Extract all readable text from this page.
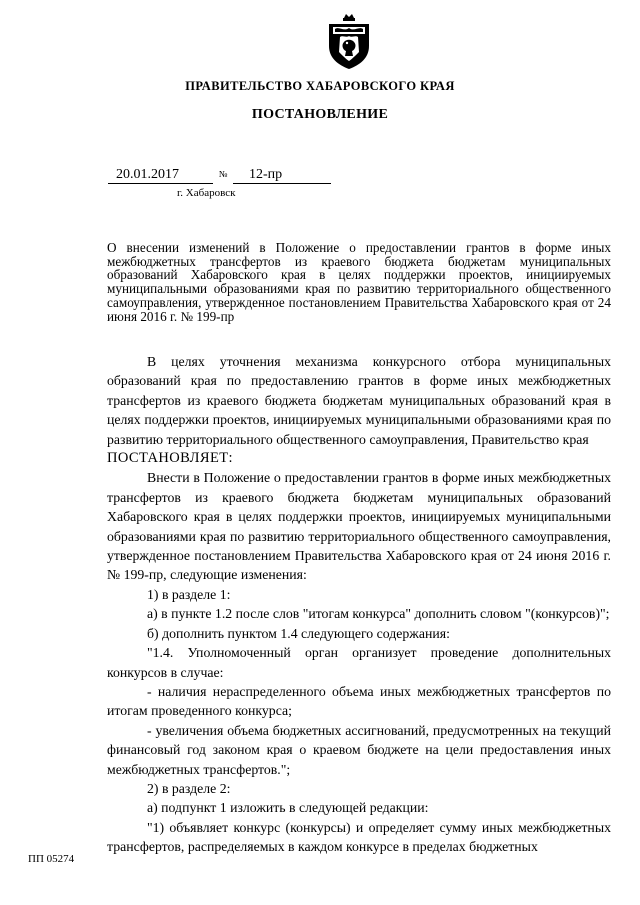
ПРАВИТЕЛЬСТВО ХАБАРОВСКОГО КРАЯ
ПОСТАНОВЛЕНИЕ
20.01.2017	№ 12-пр
г. Хабаровск
О внесении изменений в Положение о предоставлении грантов в форме иных межбюджетных трансфертов из краевого бюджета бюджетам муниципальных образований Хабаровского края в целях поддержки проектов, инициируемых муниципальными образованиями края по развитию территориального общественного самоуправления, утвержденное постановлением Правительства Хабаровского края от 24 июня 2016 г. № 199-пр

В целях уточнения механизма конкурсного отбора муниципальных образований края по предоставлению грантов в форме иных межбюджетных трансфертов из краевого бюджета бюджетам муниципальных образований края в целях поддержки проектов, инициируемых муниципальными образованиями края по развитию территориального общественного самоуправления, Правительство края

ПОСТАНОВЛЯЕТ:

Внести в Положение о предоставлении грантов в форме иных межбюджетных трансфертов из краевого бюджета бюджетам муниципальных образований Хабаровского края в целях поддержки проектов, инициируемых муниципальными образованиями края по развитию территориального общественного самоуправления, утвержденное постановлением Правительства Хабаровского края от 24 июня 2016 г. № 199-пр, следующие изменения:

1) в разделе 1:

а) в пункте 1.2 после слов "итогам конкурса" дополнить словом "(конкурсов)";

б) дополнить пунктом 1.4 следующего содержания:

"1.4. Уполномоченный орган организует проведение дополнительных конкурсов в случае:

- наличия нераспределенного объема иных межбюджетных трансфертов по итогам проведенного конкурса;

- увеличения объема бюджетных ассигнований, предусмотренных на текущий финансовый год законом края о краевом бюджете на цели предоставления иных межбюджетных трансфертов.";

2) в разделе 2:

а) подпункт 1 изложить в следующей редакции:

"1) объявляет конкурс (конкурсы) и определяет сумму иных межбюджетных трансфертов, распределяемых в каждом конкурсе в пределах бюджетных

ПП 05274
